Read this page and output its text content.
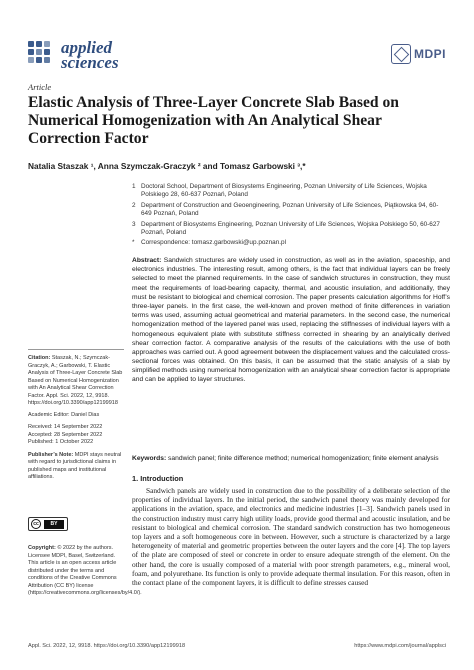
applied
sciences	MDPI
Article
Elastic Analysis of Three-Layer Concrete Slab Based on Numerical Homogenization with An Analytical Shear Correction Factor
Natalia Staszak ¹, Anna Szymczak-Graczyk ² and Tomasz Garbowski ³,*
1 Doctoral School, Department of Biosystems Engineering, Poznan University of Life Sciences, Wojska Polskiego 28, 60-637 Poznań, Poland
2 Department of Construction and Geoengineering, Poznan University of Life Sciences, Piątkowska 94, 60-649 Poznań, Poland
3 Department of Biosystems Engineering, Poznan University of Life Sciences, Wojska Polskiego 50, 60-627 Poznań, Poland
* Correspondence: tomasz.garbowski@up.poznan.pl
Abstract: Sandwich structures are widely used in construction, as well as in the aviation, spaceship, and electronics industries. The interesting result, among others, is the fact that individual layers can be freely selected to meet the planned requirements. In the case of sandwich structures in construction, they must meet the requirements of load-bearing capacity, thermal, and acoustic insulation, and additionally, they must be resistant to biological and chemical corrosion. The paper presents calculation algorithms for Hoff’s three-layer panels. In the first case, the well-known and proven method of finite differences in variation terms was used, assuming actual geometrical and material parameters. In the second case, the numerical homogenization method of the layered panel was used, replacing the stiffnesses of individual layers with a homogeneous equivalent plate with substitute stiffness corrected in shearing by an analytically derived shear correction factor. A comparative analysis of the results of the calculations with the use of both approaches was carried out. A good agreement between the displacement values and the calculated cross-sectional forces was obtained. On this basis, it can be assumed that the static analysis of a slab by simplified methods using numerical homogenization with an analytical shear correction factor is appropriate and can be applied to layer structures.
Keywords: sandwich panel; finite difference method; numerical homogenization; finite element analysis
Citation: Staszak, N.; Szymczak-Graczyk, A.; Garbowski, T. Elastic Analysis of Three-Layer Concrete Slab Based on Numerical Homogenization with An Analytical Shear Correction Factor. Appl. Sci. 2022, 12, 9918. https://doi.org/10.3390/app12199918
Academic Editor: Daniel Dias
Received: 14 September 2022
Accepted: 28 September 2022
Published: 1 October 2022
Publisher’s Note: MDPI stays neutral with regard to jurisdictional claims in published maps and institutional affiliations.
cc	BY
Copyright: © 2022 by the authors. Licensee MDPI, Basel, Switzerland. This article is an open access article distributed under the terms and conditions of the Creative Commons Attribution (CC BY) license (https://creativecommons.org/licenses/by/4.0/).
1. Introduction
Sandwich panels are widely used in construction due to the possibility of a deliberate selection of the properties of individual layers. In the initial period, the sandwich panel theory was mainly developed for applications in the aviation, space, and electronics and medicine industries [1–3]. Sandwich panels used in the construction industry must carry high utility loads, provide good thermal and acoustic insulation, and be resistant to biological and chemical corrosion. The standard sandwich construction has two homogeneous top layers and a soft homogeneous core in between. However, such a structure is characterized by a large heterogeneity of material and geometric properties between the outer layers and the core [4]. The top layers of the plate are composed of steel or concrete in order to ensure adequate strength of the element. On the other hand, the core is usually composed of a material with poor strength parameters, e.g., mineral wool, foam, and polyurethane. Its function is only to provide adequate thermal insulation. For this reason, often in the contact plane of the component layers, it is difficult to define stresses caused
Appl. Sci. 2022, 12, 9918. https://doi.org/10.3390/app12199918	https://www.mdpi.com/journal/applsci
